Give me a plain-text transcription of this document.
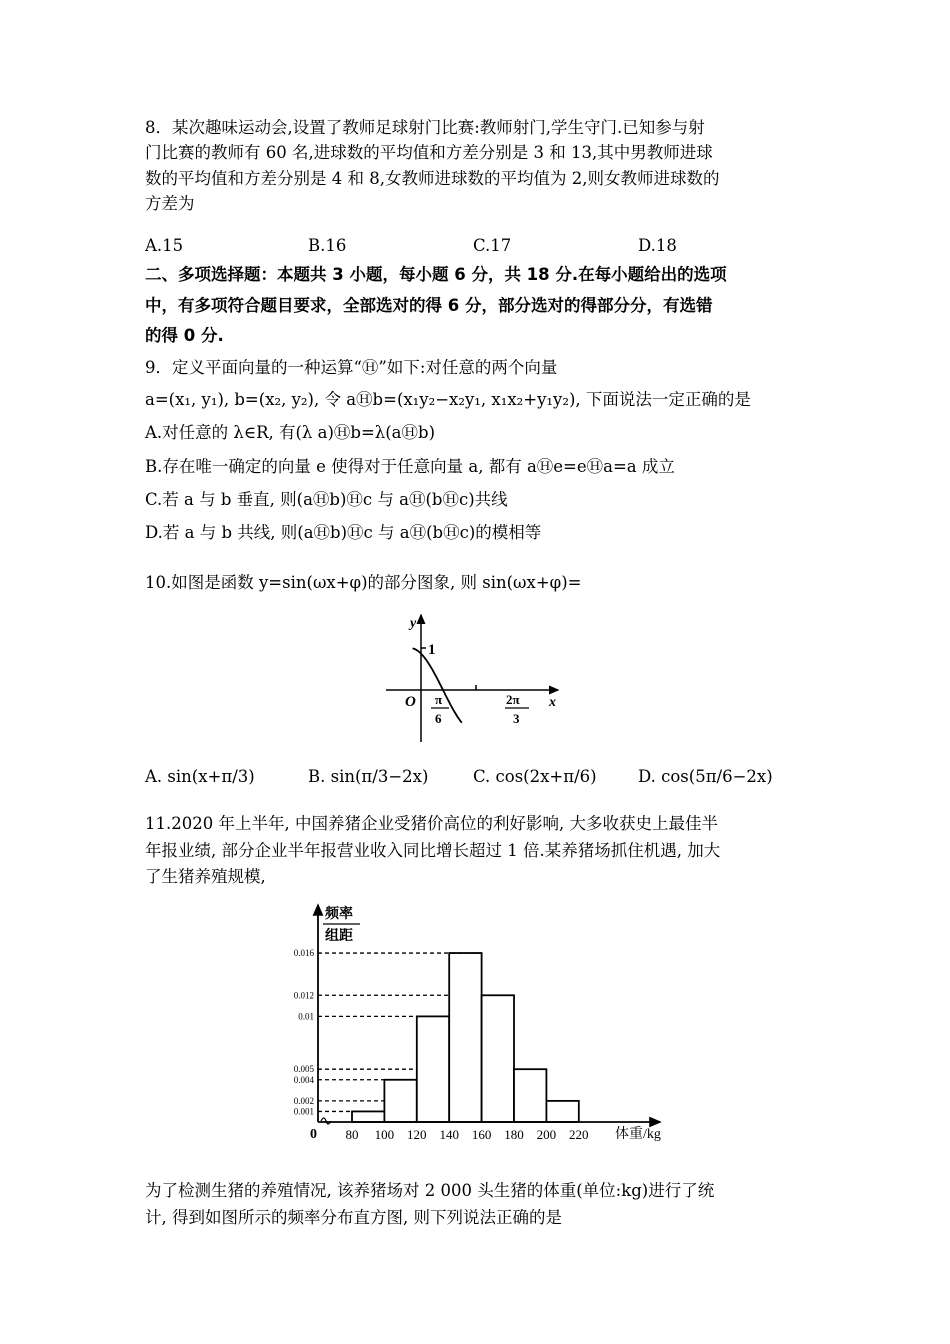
8．某次趣味运动会,设置了教师足球射门比赛:教师射门,学生守门.已知参与射
门比赛的教师有 60 名,进球数的平均值和方差分别是 3 和 13,其中男教师进球
数的平均值和方差分别是 4 和 8,女教师进球数的平均值为 2,则女教师进球数的
方差为
A.15	B.16	C.17	D.18
二、多项选择题：本题共 3 小题，每小题 6 分，共 18 分.在每小题给出的选项
中，有多项符合题目要求，全部选对的得 6 分，部分选对的得部分分，有选错
的得 0 分.
9．定义平面向量的一种运算“Ⓗ”如下:对任意的两个向量
a=(x₁, y₁), b=(x₂, y₂), 令 aⒽb=(x₁y₂−x₂y₁, x₁x₂+y₁y₂), 下面说法一定正确的是
A.对任意的 λ∈R, 有(λ a)Ⓗb=λ(aⒽb)
B.存在唯一确定的向量 e 使得对于任意向量 a, 都有 aⒽe=eⒽa=a 成立
C.若 a 与 b 垂直, 则(aⒽb)Ⓗc 与 aⒽ(bⒽc)共线
D.若 a 与 b 共线, 则(aⒽb)Ⓗc 与 aⒽ(bⒽc)的模相等
10.如图是函数 y=sin(ωx+φ)的部分图象, 则 sin(ωx+φ)=
y
x
O
1
π
6
2π
3
A. sin(x+π/3)	B. sin(π/3−2x)	C. cos(2x+π/6)	D. cos(5π/6−2x)
11.2020 年上半年, 中国养猪企业受猪价高位的利好影响, 大多收获史上最佳半
年报业绩, 部分企业半年报营业收入同比增长超过 1 倍.某养猪场抓住机遇, 加大
了生猪养殖规模,
0.016
0.012
0.01
0.005
0.004
0.002
0.001
80 100 120 140 160 180 200 220
频率
组距
0	体重/kg
为了检测生猪的养殖情况, 该养猪场对 2 000 头生猪的体重(单位:kg)进行了统
计, 得到如图所示的频率分布直方图, 则下列说法正确的是
